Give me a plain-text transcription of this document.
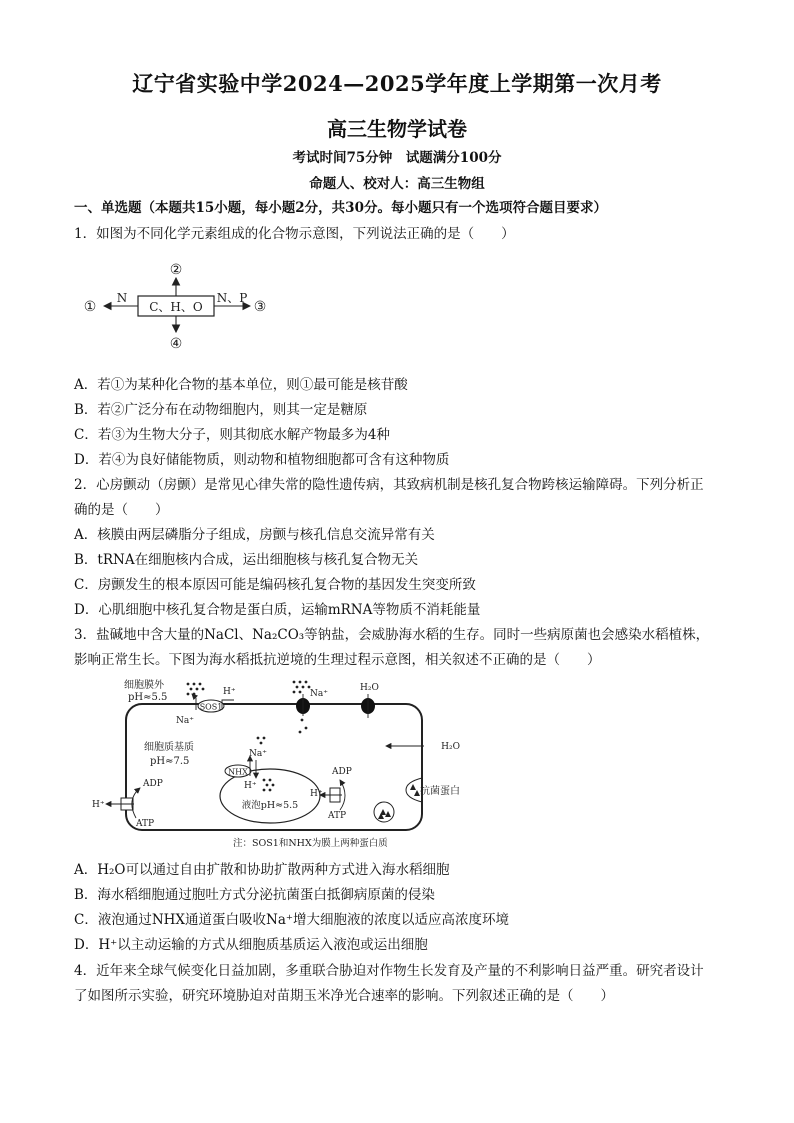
辽宁省实验中学2024—2025学年度上学期第一次月考
高三生物学试卷
考试时间75分钟　试题满分100分
命题人、校对人：高三生物组
一、单选题（本题共15小题，每小题2分，共30分。每小题只有一个选项符合题目要求）
1．如图为不同化学元素组成的化合物示意图，下列说法正确的是（　　）
C、H、O
N
①
N、P
③
②
④
A．若①为某种化合物的基本单位，则①最可能是核苷酸
B．若②广泛分布在动物细胞内，则其一定是糖原
C．若③为生物大分子，则其彻底水解产物最多为4种
D．若④为良好储能物质，则动物和植物细胞都可含有这种物质
2．心房颤动（房颤）是常见心律失常的隐性遗传病，其致病机制是核孔复合物跨核运输障碍。下列分析正
确的是（　　）
A．核膜由两层磷脂分子组成，房颤与核孔信息交流异常有关
B．tRNA在细胞核内合成，运出细胞核与核孔复合物无关
C．房颤发生的根本原因可能是编码核孔复合物的基因发生突变所致
D．心肌细胞中核孔复合物是蛋白质，运输mRNA等物质不消耗能量
3．盐碱地中含大量的NaCl、Na₂CO₃等钠盐，会威胁海水稻的生存。同时一些病原菌也会感染水稻植株，
影响正常生长。下图为海水稻抵抗逆境的生理过程示意图，相关叙述不正确的是（　　）
细胞膜外
pH≈5.5
SOS1
H⁺
Na⁺
Na⁺
H₂O
H₂O
细胞质基质
pH≈7.5
液泡pH≈5.5
NHX
H⁺
Na⁺
H⁺
ADP
ATP
H⁺
ADP
ATP
抗菌蛋白
注：SOS1和NHX为膜上两种蛋白质
A．H₂O可以通过自由扩散和协助扩散两种方式进入海水稻细胞
B．海水稻细胞通过胞吐方式分泌抗菌蛋白抵御病原菌的侵染
C．液泡通过NHX通道蛋白吸收Na⁺增大细胞液的浓度以适应高浓度环境
D．H⁺以主动运输的方式从细胞质基质运入液泡或运出细胞
4．近年来全球气候变化日益加剧，多重联合胁迫对作物生长发育及产量的不利影响日益严重。研究者设计
了如图所示实验，研究环境胁迫对苗期玉米净光合速率的影响。下列叙述正确的是（　　）
